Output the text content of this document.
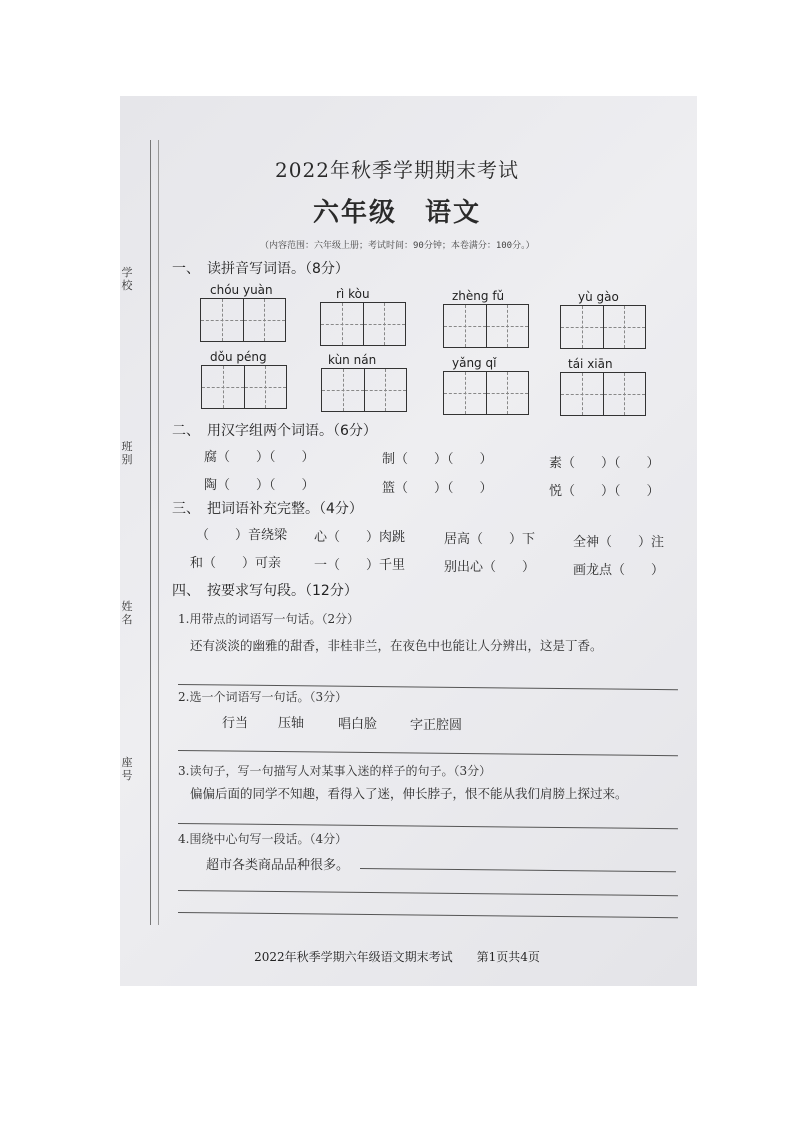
学
校
班
别
姓
名
座
号
2022年秋季学期期末考试
六年级　语文
（内容范围：六年级上册；考试时间：90分钟；本卷满分：100分。）
一、　读拼音写词语。（8分）
chóu yuàn	rì kòu	zhèng fǔ	yù gào
dǒu péng	kùn nán	yǎng qǐ	tái xiān
二、　用汉字组两个词语。（6分）
腐（　　）（　　）	制（　　）（　　）	素（　　）（　　）
陶（　　）（　　）	篮（　　）（　　）	悦（　　）（　　）
三、　把词语补充完整。（4分）
（　　）音绕梁 心（　　）肉跳	居高（　　）下	全神（　　）注
和（　　）可亲	一（　　）千里	别出心（　　）	画龙点（　　）
四、　按要求写句段。（12分）
1.用带点的词语写一句话。（2分）
还有淡淡的幽雅的甜香，非桂非兰，在夜色中也能让人分辨出，这是丁香。
2.选一个词语写一句话。（3分）
行当 压轴	唱白脸	字正腔圆
3.读句子，写一句描写人对某事入迷的样子的句子。（3分）
偏偏后面的同学不知趣，看得入了迷，伸长脖子，恨不能从我们肩膀上探过来。
4.围绕中心句写一段话。（4分）
超市各类商品品种很多。
2022年秋季学期六年级语文期末考试　　第1页共4页
